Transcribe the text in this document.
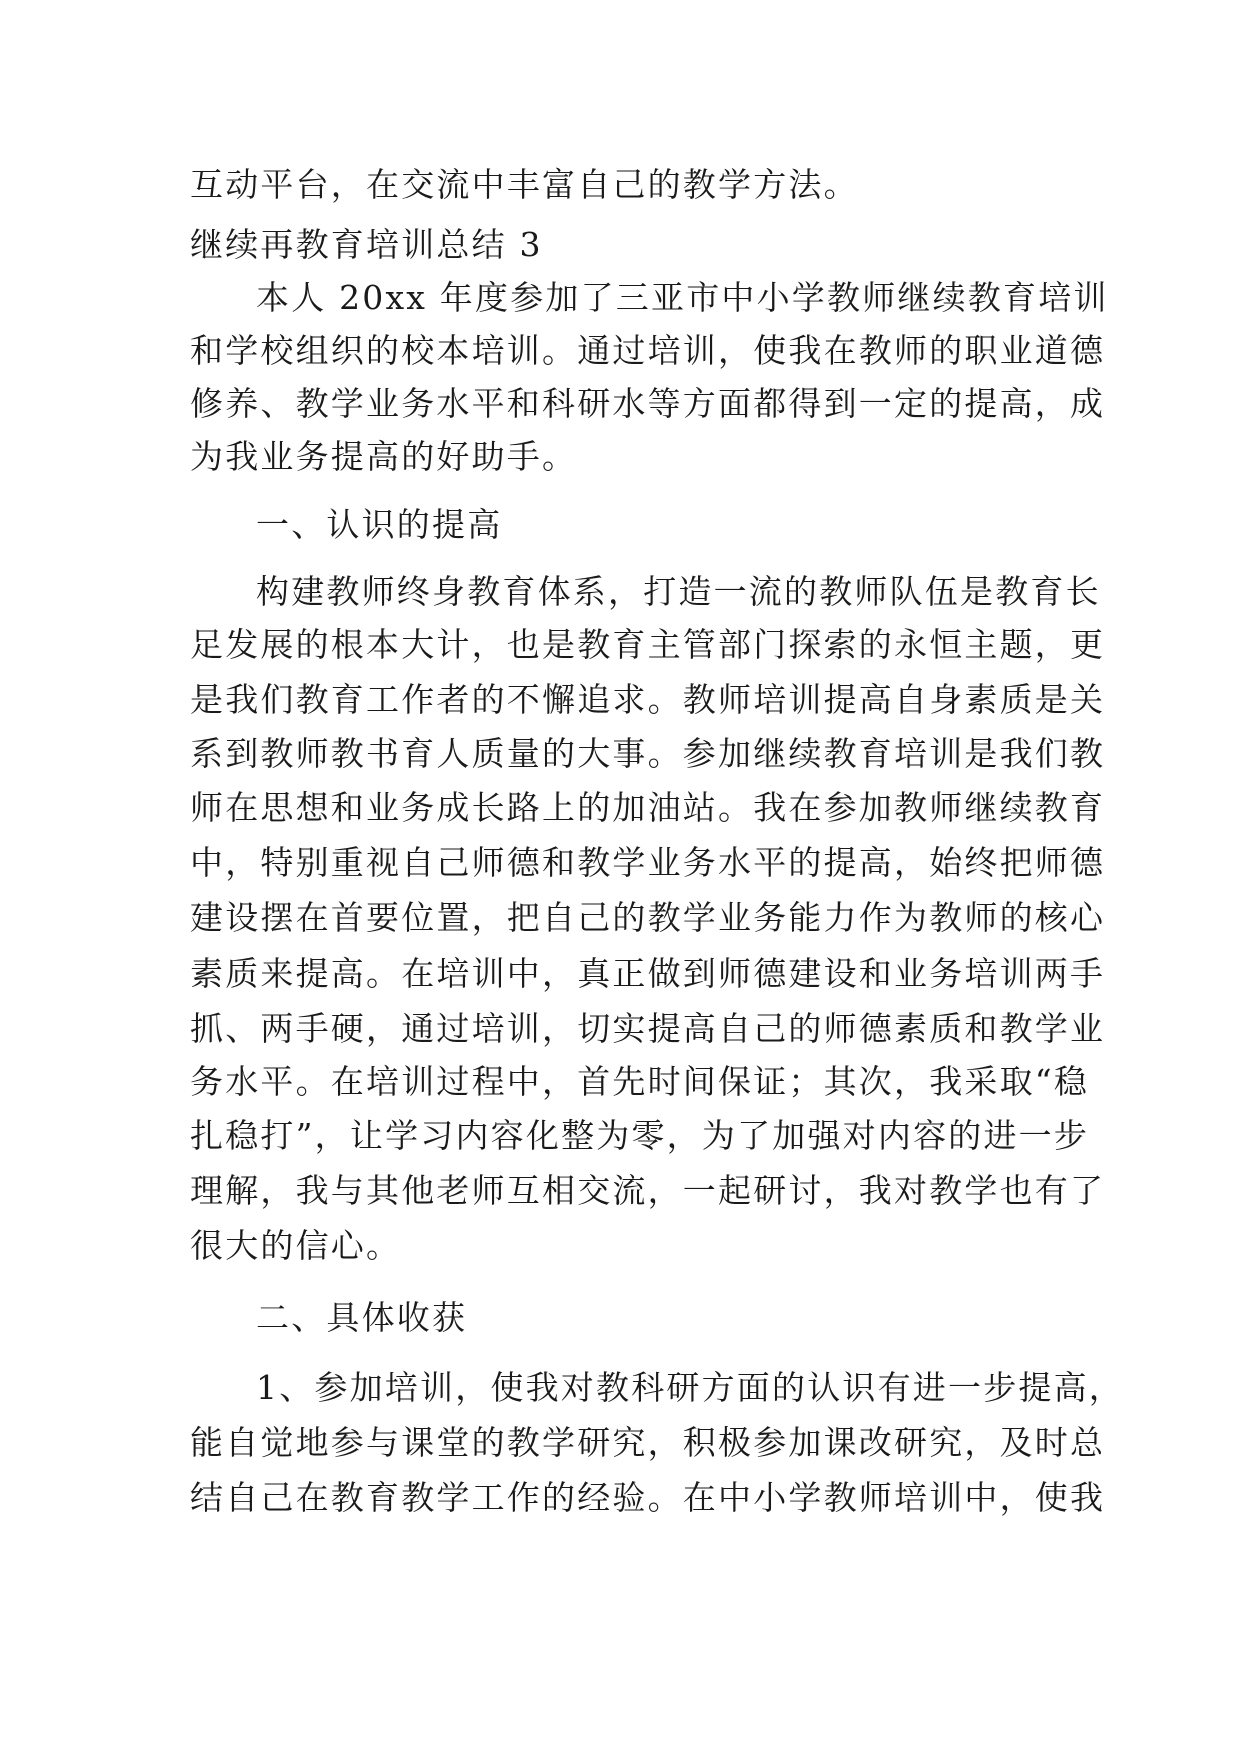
互动平台，在交流中丰富自己的教学方法。
继续再教育培训总结 3
本人 20xx 年度参加了三亚市中小学教师继续教育培训
和学校组织的校本培训。通过培训，使我在教师的职业道德
修养、教学业务水平和科研水等方面都得到一定的提高，成
为我业务提高的好助手。
一、认识的提高
构建教师终身教育体系，打造一流的教师队伍是教育长
足发展的根本大计，也是教育主管部门探索的永恒主题，更
是我们教育工作者的不懈追求。教师培训提高自身素质是关
系到教师教书育人质量的大事。参加继续教育培训是我们教
师在思想和业务成长路上的加油站。我在参加教师继续教育
中，特别重视自己师德和教学业务水平的提高，始终把师德
建设摆在首要位置，把自己的教学业务能力作为教师的核心
素质来提高。在培训中，真正做到师德建设和业务培训两手
抓、两手硬，通过培训，切实提高自己的师德素质和教学业
务水平。在培训过程中，首先时间保证；其次，我采取“稳
扎稳打”，让学习内容化整为零，为了加强对内容的进一步
理解，我与其他老师互相交流，一起研讨，我对教学也有了
很大的信心。
二、具体收获
1、参加培训，使我对教科研方面的认识有进一步提高，
能自觉地参与课堂的教学研究，积极参加课改研究，及时总
结自己在教育教学工作的经验。在中小学教师培训中，使我
